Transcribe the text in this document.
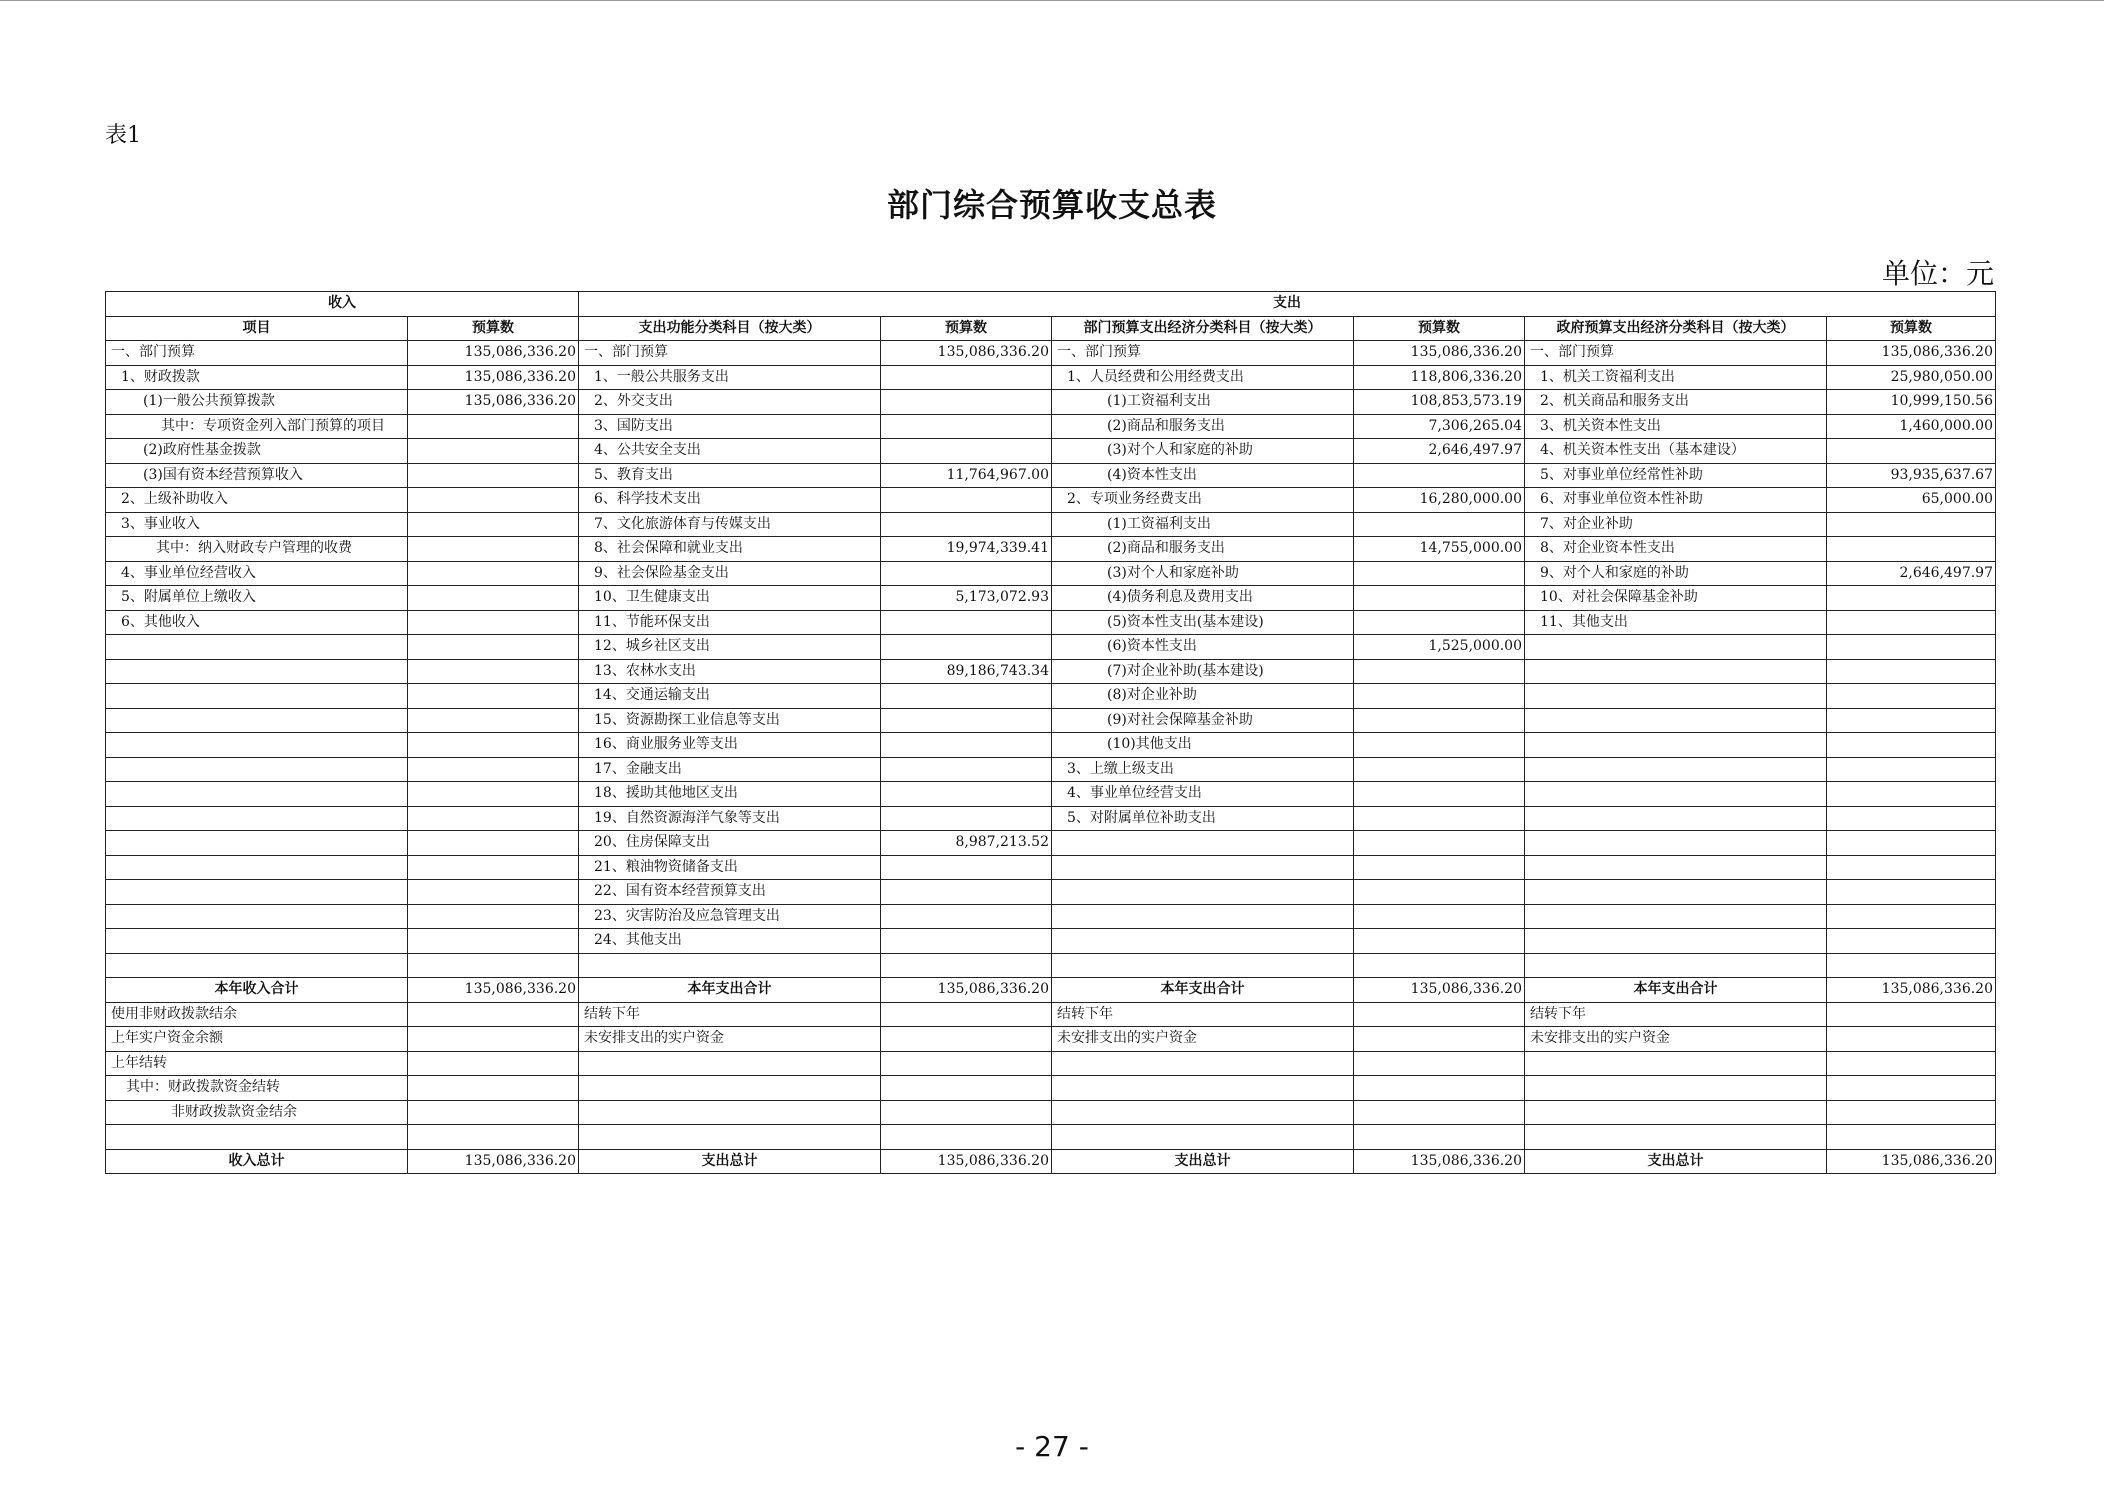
表1
部门综合预算收支总表
单位：元
收入		支出					
项目	预算数	支出功能分类科目（按大类）	预算数	部门预算支出经济分类科目（按大类）	预算数	政府预算支出经济分类科目（按大类）	预算数
一、部门预算	135,086,336.20	一、部门预算	135,086,336.20	一、部门预算	135,086,336.20	一、部门预算	135,086,336.20
1、财政拨款	135,086,336.20	1、一般公共服务支出		1、人员经费和公用经费支出	118,806,336.20	1、机关工资福利支出	25,980,050.00
(1)一般公共预算拨款	135,086,336.20	2、外交支出		(1)工资福利支出	108,853,573.19	2、机关商品和服务支出	10,999,150.56
其中：专项资金列入部门预算的项目		3、国防支出		(2)商品和服务支出	7,306,265.04	3、机关资本性支出	1,460,000.00
(2)政府性基金拨款		4、公共安全支出		(3)对个人和家庭的补助	2,646,497.97	4、机关资本性支出（基本建设）	
(3)国有资本经营预算收入		5、教育支出	11,764,967.00	(4)资本性支出		5、对事业单位经常性补助	93,935,637.67
2、上级补助收入		6、科学技术支出		2、专项业务经费支出	16,280,000.00	6、对事业单位资本性补助	65,000.00
3、事业收入		7、文化旅游体育与传媒支出		(1)工资福利支出		7、对企业补助	
其中：纳入财政专户管理的收费		8、社会保障和就业支出	19,974,339.41	(2)商品和服务支出	14,755,000.00	8、对企业资本性支出	
4、事业单位经营收入		9、社会保险基金支出		(3)对个人和家庭补助		9、对个人和家庭的补助	2,646,497.97
5、附属单位上缴收入		10、卫生健康支出	5,173,072.93	(4)债务利息及费用支出		10、对社会保障基金补助	
6、其他收入		11、节能环保支出		(5)资本性支出(基本建设)		11、其他支出	
		12、城乡社区支出		(6)资本性支出	1,525,000.00		
		13、农林水支出	89,186,743.34	(7)对企业补助(基本建设)			
		14、交通运输支出		(8)对企业补助			
		15、资源勘探工业信息等支出		(9)对社会保障基金补助			
		16、商业服务业等支出		(10)其他支出			
		17、金融支出		3、上缴上级支出			
		18、援助其他地区支出		4、事业单位经营支出			
		19、自然资源海洋气象等支出		5、对附属单位补助支出			
		20、住房保障支出	8,987,213.52				
		21、粮油物资储备支出					
		22、国有资本经营预算支出					
		23、灾害防治及应急管理支出					
		24、其他支出					

本年收入合计	135,086,336.20	本年支出合计	135,086,336.20	本年支出合计	135,086,336.20	本年支出合计	135,086,336.20
使用非财政拨款结余		结转下年		结转下年		结转下年	
上年实户资金余额		未安排支出的实户资金		未安排支出的实户资金		未安排支出的实户资金	
上年结转							
其中：财政拨款资金结转							
非财政拨款资金结余							

收入总计	135,086,336.20	支出总计	135,086,336.20	支出总计	135,086,336.20	支出总计	135,086,336.20
- 27 -
